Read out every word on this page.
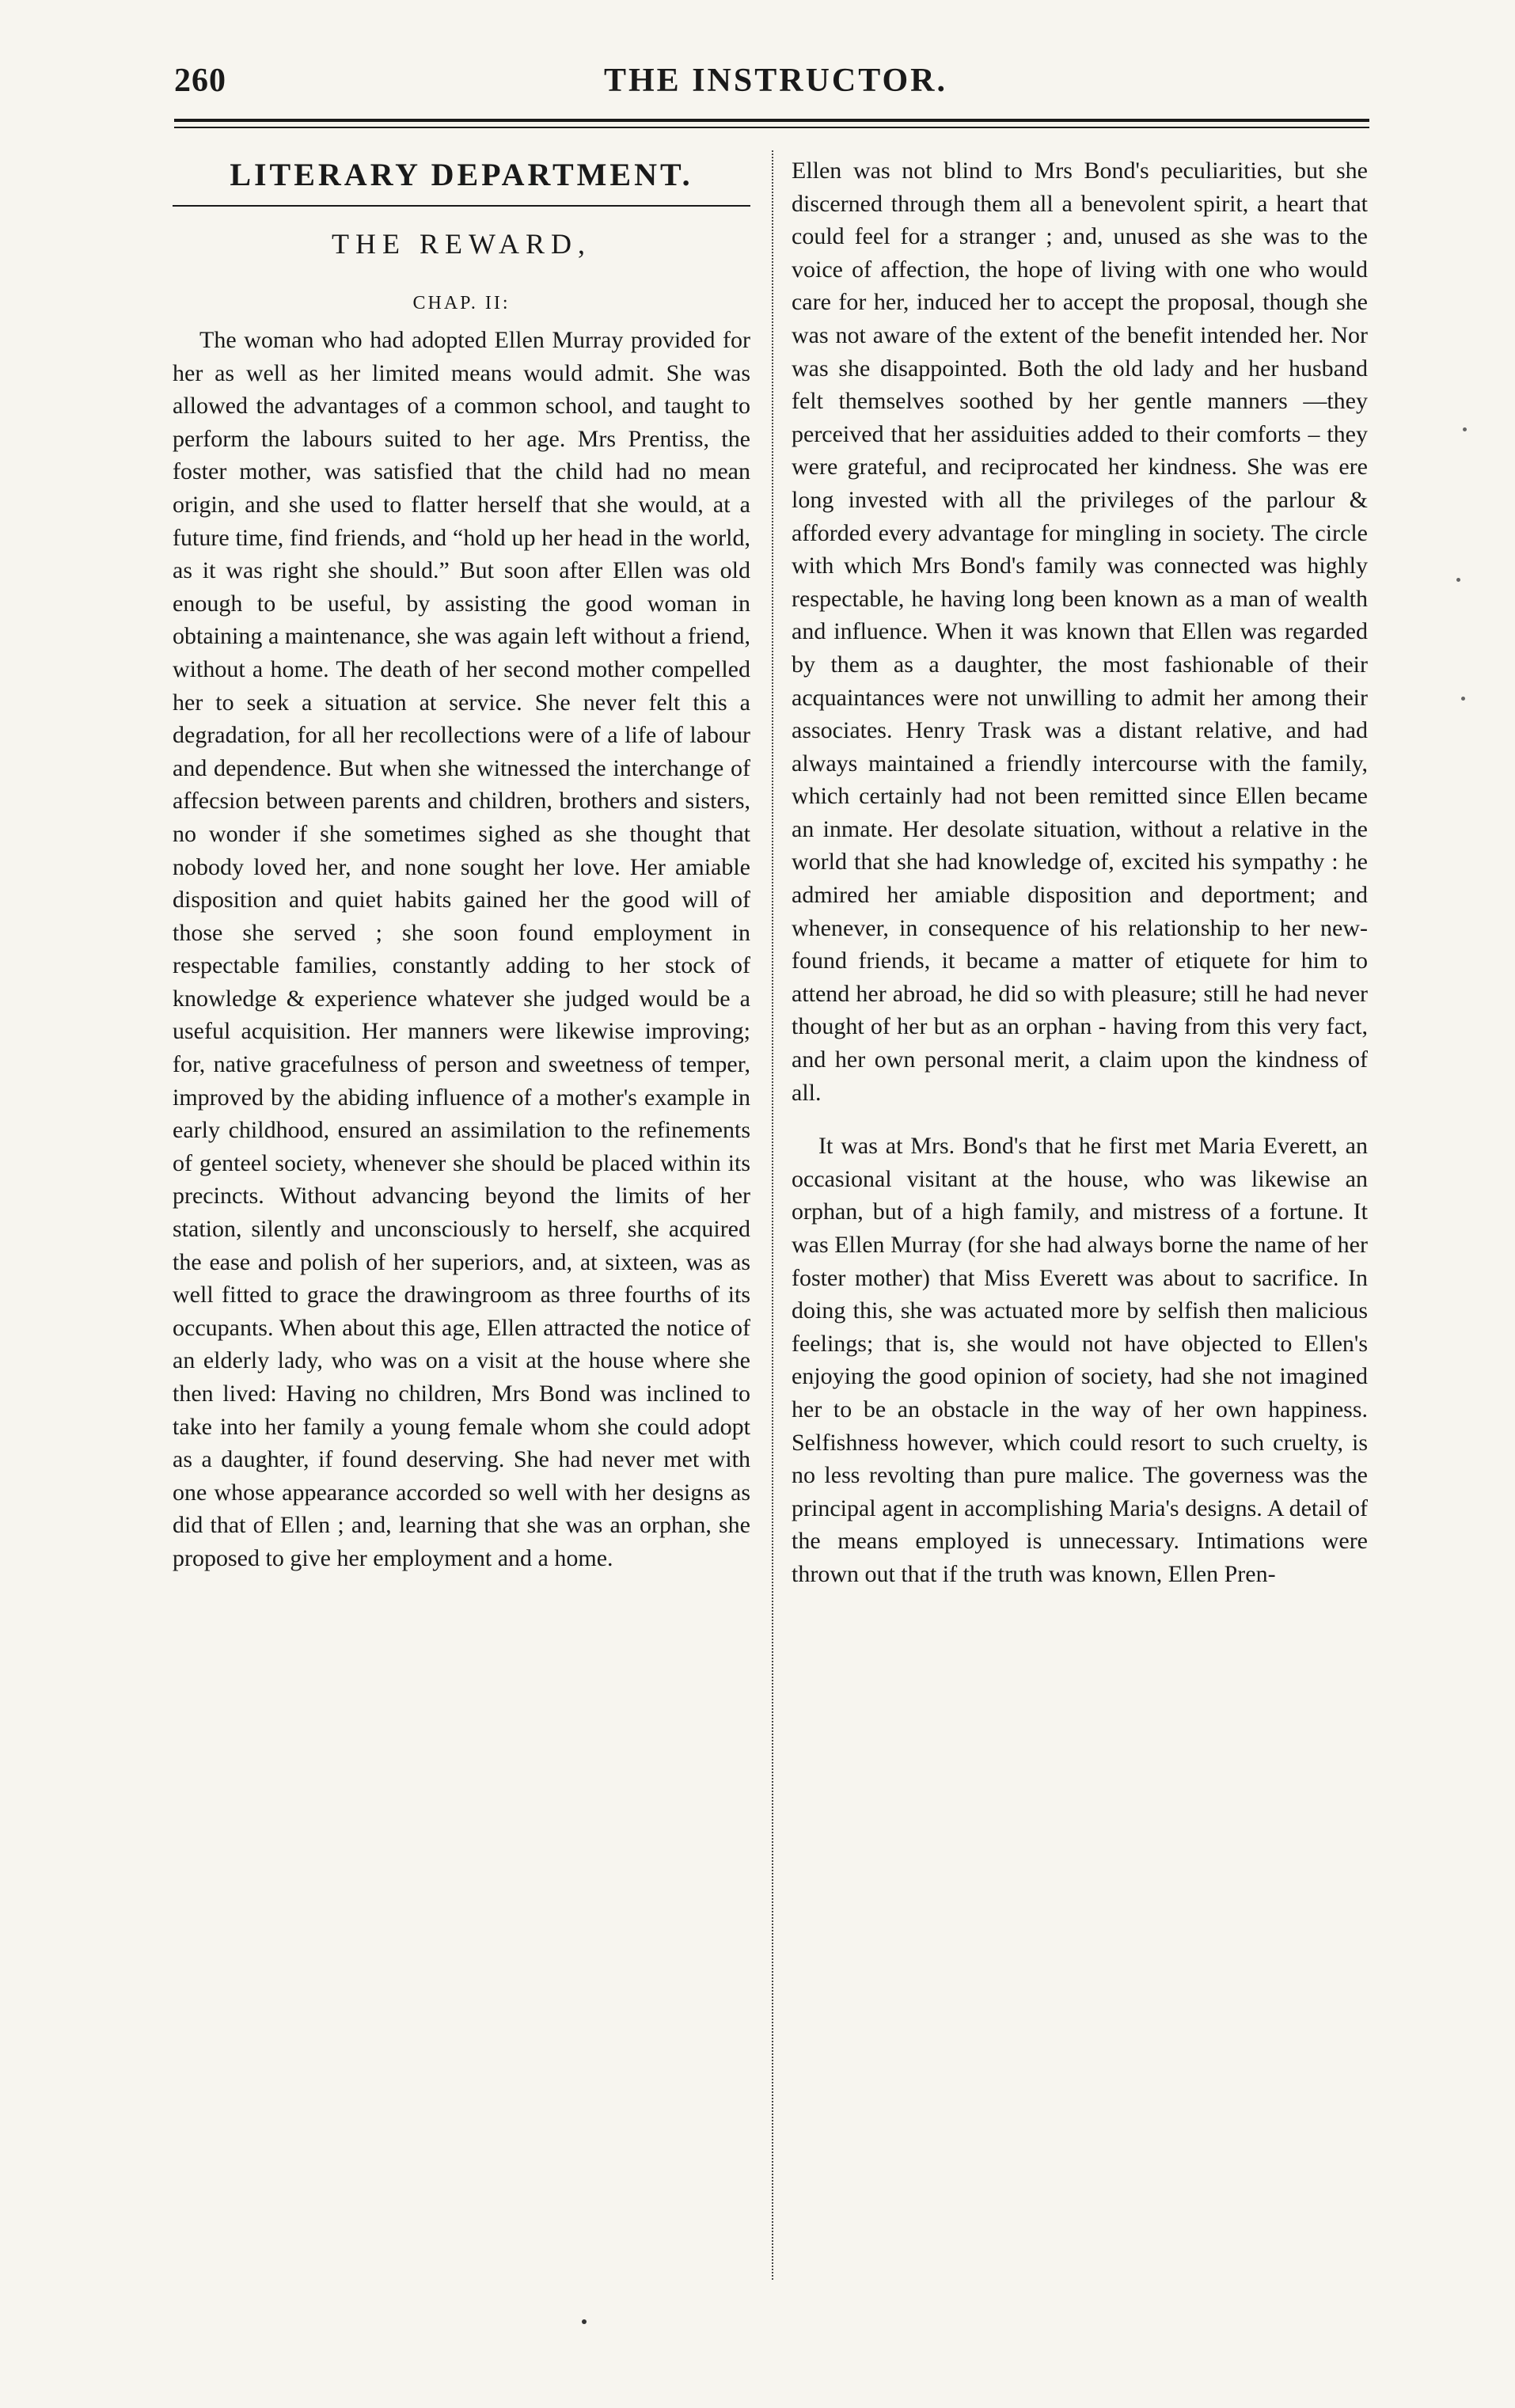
260	THE INSTRUCTOR.
LITERARY DEPARTMENT.
THE REWARD,
CHAP. II:

The woman who had adopted Ellen Murray provided for her as well as her limited means would admit. She was allowed the advantages of a common school, and taught to perform the labours suited to her age. Mrs Prentiss, the foster mother, was satisfied that the child had no mean origin, and she used to flatter herself that she would, at a future time, find friends, and “hold up her head in the world, as it was right she should.” But soon after Ellen was old enough to be useful, by assisting the good woman in obtaining a maintenance, she was again left without a friend, without a home. The death of her second mother compelled her to seek a situation at service. She never felt this a degradation, for all her recollections were of a life of labour and dependence. But when she witnessed the interchange of affecsion between parents and children, brothers and sisters, no wonder if she sometimes sighed as she thought that nobody loved her, and none sought her love. Her amiable disposition and quiet habits gained her the good will of those she served ; she soon found employment in respectable families, constantly adding to her stock of knowledge & experience whatever she judged would be a useful acquisition. Her manners were likewise improving; for, native gracefulness of person and sweetness of temper, improved by the abiding influence of a mother's example in early childhood, ensured an assimilation to the refinements of genteel society, whenever she should be placed within its precincts. Without advancing beyond the limits of her station, silently and unconsciously to herself, she acquired the ease and polish of her superiors, and, at sixteen, was as well fitted to grace the drawingroom as three fourths of its occupants. When about this age, Ellen attracted the notice of an elderly lady, who was on a visit at the house where she then lived: Having no children, Mrs Bond was inclined to take into her family a young female whom she could adopt as a daughter, if found deserving. She had never met with one whose appearance accorded so well with her designs as did that of Ellen ; and, learning that she was an orphan, she proposed to give her employment and a home.

Ellen was not blind to Mrs Bond's peculiarities, but she discerned through them all a benevolent spirit, a heart that could feel for a stranger ; and, unused as she was to the voice of affection, the hope of living with one who would care for her, induced her to accept the proposal, though she was not aware of the extent of the benefit intended her. Nor was she disappointed. Both the old lady and her husband felt themselves soothed by her gentle manners —they perceived that her assiduities added to their comforts – they were grateful, and reciprocated her kindness. She was ere long invested with all the privileges of the parlour & afforded every advantage for mingling in society. The circle with which Mrs Bond's family was connected was highly respectable, he having long been known as a man of wealth and influence. When it was known that Ellen was regarded by them as a daughter, the most fashionable of their acquaintances were not unwilling to admit her among their associates. Henry Trask was a distant relative, and had always maintained a friendly intercourse with the family, which certainly had not been remitted since Ellen became an inmate. Her desolate situation, without a relative in the world that she had knowledge of, excited his sympathy : he admired her amiable disposition and deportment; and whenever, in consequence of his relationship to her new-found friends, it became a matter of etiquete for him to attend her abroad, he did so with pleasure; still he had never thought of her but as an orphan - having from this very fact, and her own personal merit, a claim upon the kindness of all.

It was at Mrs. Bond's that he first met Maria Everett, an occasional visitant at the house, who was likewise an orphan, but of a high family, and mistress of a fortune. It was Ellen Murray (for she had always borne the name of her foster mother) that Miss Everett was about to sacrifice. In doing this, she was actuated more by selfish then malicious feelings; that is, she would not have objected to Ellen's enjoying the good opinion of society, had she not imagined her to be an obstacle in the way of her own happiness. Selfishness however, which could resort to such cruelty, is no less revolting than pure malice. The governess was the principal agent in accomplishing Maria's designs. A detail of the means employed is unnecessary. Intimations were thrown out that if the truth was known, Ellen Pren-
